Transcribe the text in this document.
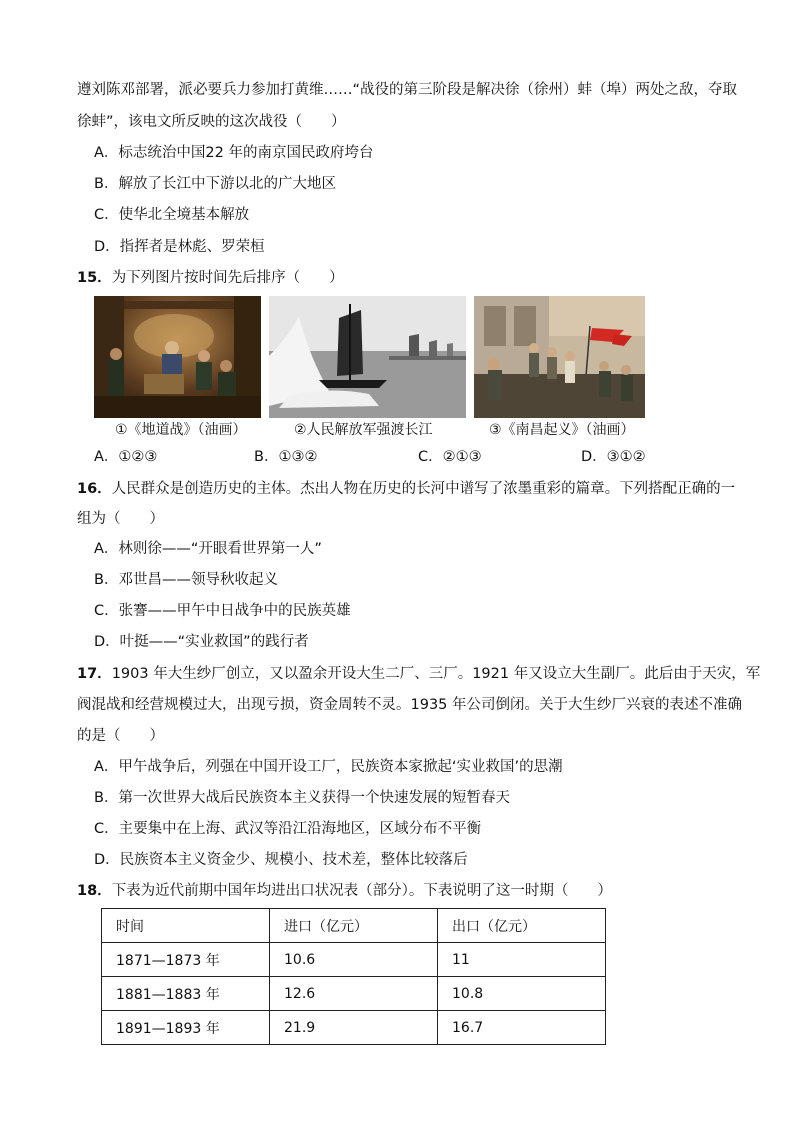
遵刘陈邓部署，派必要兵力参加打黄维……“战役的第三阶段是解决徐（徐州）蚌（埠）两处之敌，夺取
徐蚌”，该电文所反映的这次战役（　　）
A．标志统治中国22 年的南京国民政府垮台
B．解放了长江中下游以北的广大地区
C．使华北全境基本解放
D．指挥者是林彪、罗荣桓
15．为下列图片按时间先后排序（　　）
①《地道战》（油画）	②人民解放军强渡长江	③《南昌起义》（油画）
A．①②③	B．①③②	C．②①③	D．③①②
16．人民群众是创造历史的主体。杰出人物在历史的长河中谱写了浓墨重彩的篇章。下列搭配正确的一
组为（　　）
A．林则徐——“开眼看世界第一人”
B．邓世昌——领导秋收起义
C．张謇——甲午中日战争中的民族英雄
D．叶挺——“实业救国”的践行者
17．1903 年大生纱厂创立，又以盈余开设大生二厂、三厂。1921 年又设立大生副厂。此后由于天灾，军
阀混战和经营规模过大，出现亏损，资金周转不灵。1935 年公司倒闭。关于大生纱厂兴衰的表述不准确
的是（　　）
A．甲午战争后，列强在中国开设工厂，民族资本家掀起‘实业救国’的思潮
B．第一次世界大战后民族资本主义获得一个快速发展的短暂春天
C．主要集中在上海、武汉等沿江沿海地区，区域分布不平衡
D．民族资本主义资金少、规模小、技术差，整体比较落后
18．下表为近代前期中国年均进出口状况表（部分）。下表说明了这一时期（　　）
时间	进口（亿元）	出口（亿元）
1871—1873 年	10.6	11
1881—1883 年	12.6	10.8
1891—1893 年	21.9	16.7
